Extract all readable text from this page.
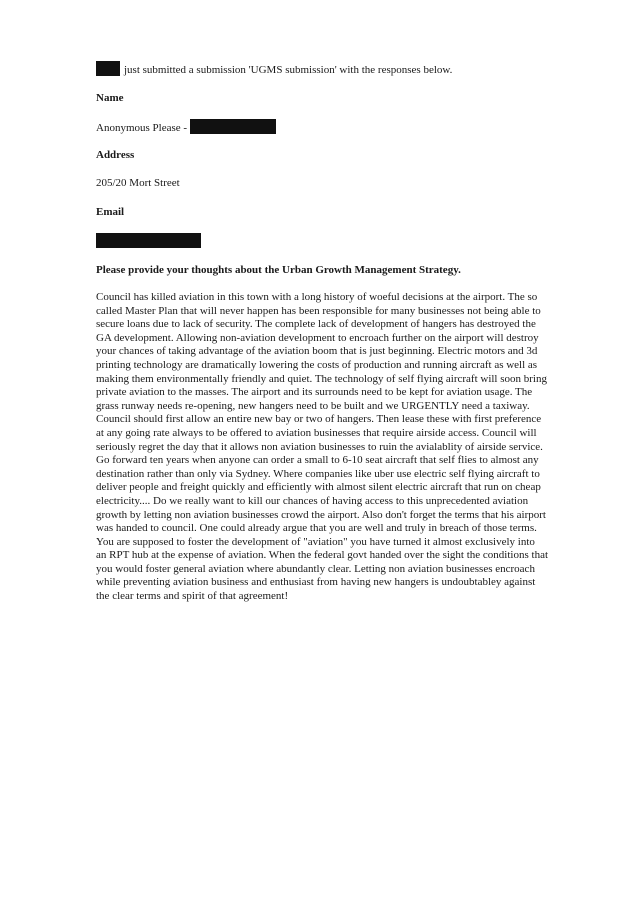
just submitted a submission 'UGMS submission' with the responses below.
Name
Anonymous Please -
Address
205/20 Mort Street
Email
Please provide your thoughts about the Urban Growth Management Strategy.
Council has killed aviation in this town with a long history of woeful decisions at the airport. The so called Master Plan that will never happen has been responsible for many businesses not being able to secure loans due to lack of security. The complete lack of development of hangers has destroyed the GA development. Allowing non-aviation development to encroach further on the airport will destroy your chances of taking advantage of the aviation boom that is just beginning. Electric motors and 3d printing technology are dramatically lowering the costs of production and running aircraft as well as making them environmentally friendly and quiet. The technology of self flying aircraft will soon bring private aviation to the masses. The airport and its surrounds need to be kept for aviation usage. The grass runway needs re-opening, new hangers need to be built and we URGENTLY need a taxiway. Council should first allow an entire new bay or two of hangers. Then lease these with first preference at any going rate always to be offered to aviation businesses that require airside access. Council will seriously regret the day that it allows non aviation businesses to ruin the avialablity of airside service. Go forward ten years when anyone can order a small to 6-10 seat aircraft that self flies to almost any destination rather than only via Sydney. Where companies like uber use electric self flying aircraft to deliver people and freight quickly and efficiently with almost silent electric aircraft that run on cheap electricity.... Do we really want to kill our chances of having access to this unprecedented aviation growth by letting non aviation businesses crowd the airport. Also don't forget the terms that his airport was handed to council. One could already argue that you are well and truly in breach of those terms. You are supposed to foster the development of "aviation" you have turned it almost exclusively into an RPT hub at the expense of aviation. When the federal govt handed over the sight the conditions that you would foster general aviation where abundantly clear. Letting non aviation businesses encroach while preventing aviation business and enthusiast from having new hangers is undoubtabley against the clear terms and spirit of that agreement!
